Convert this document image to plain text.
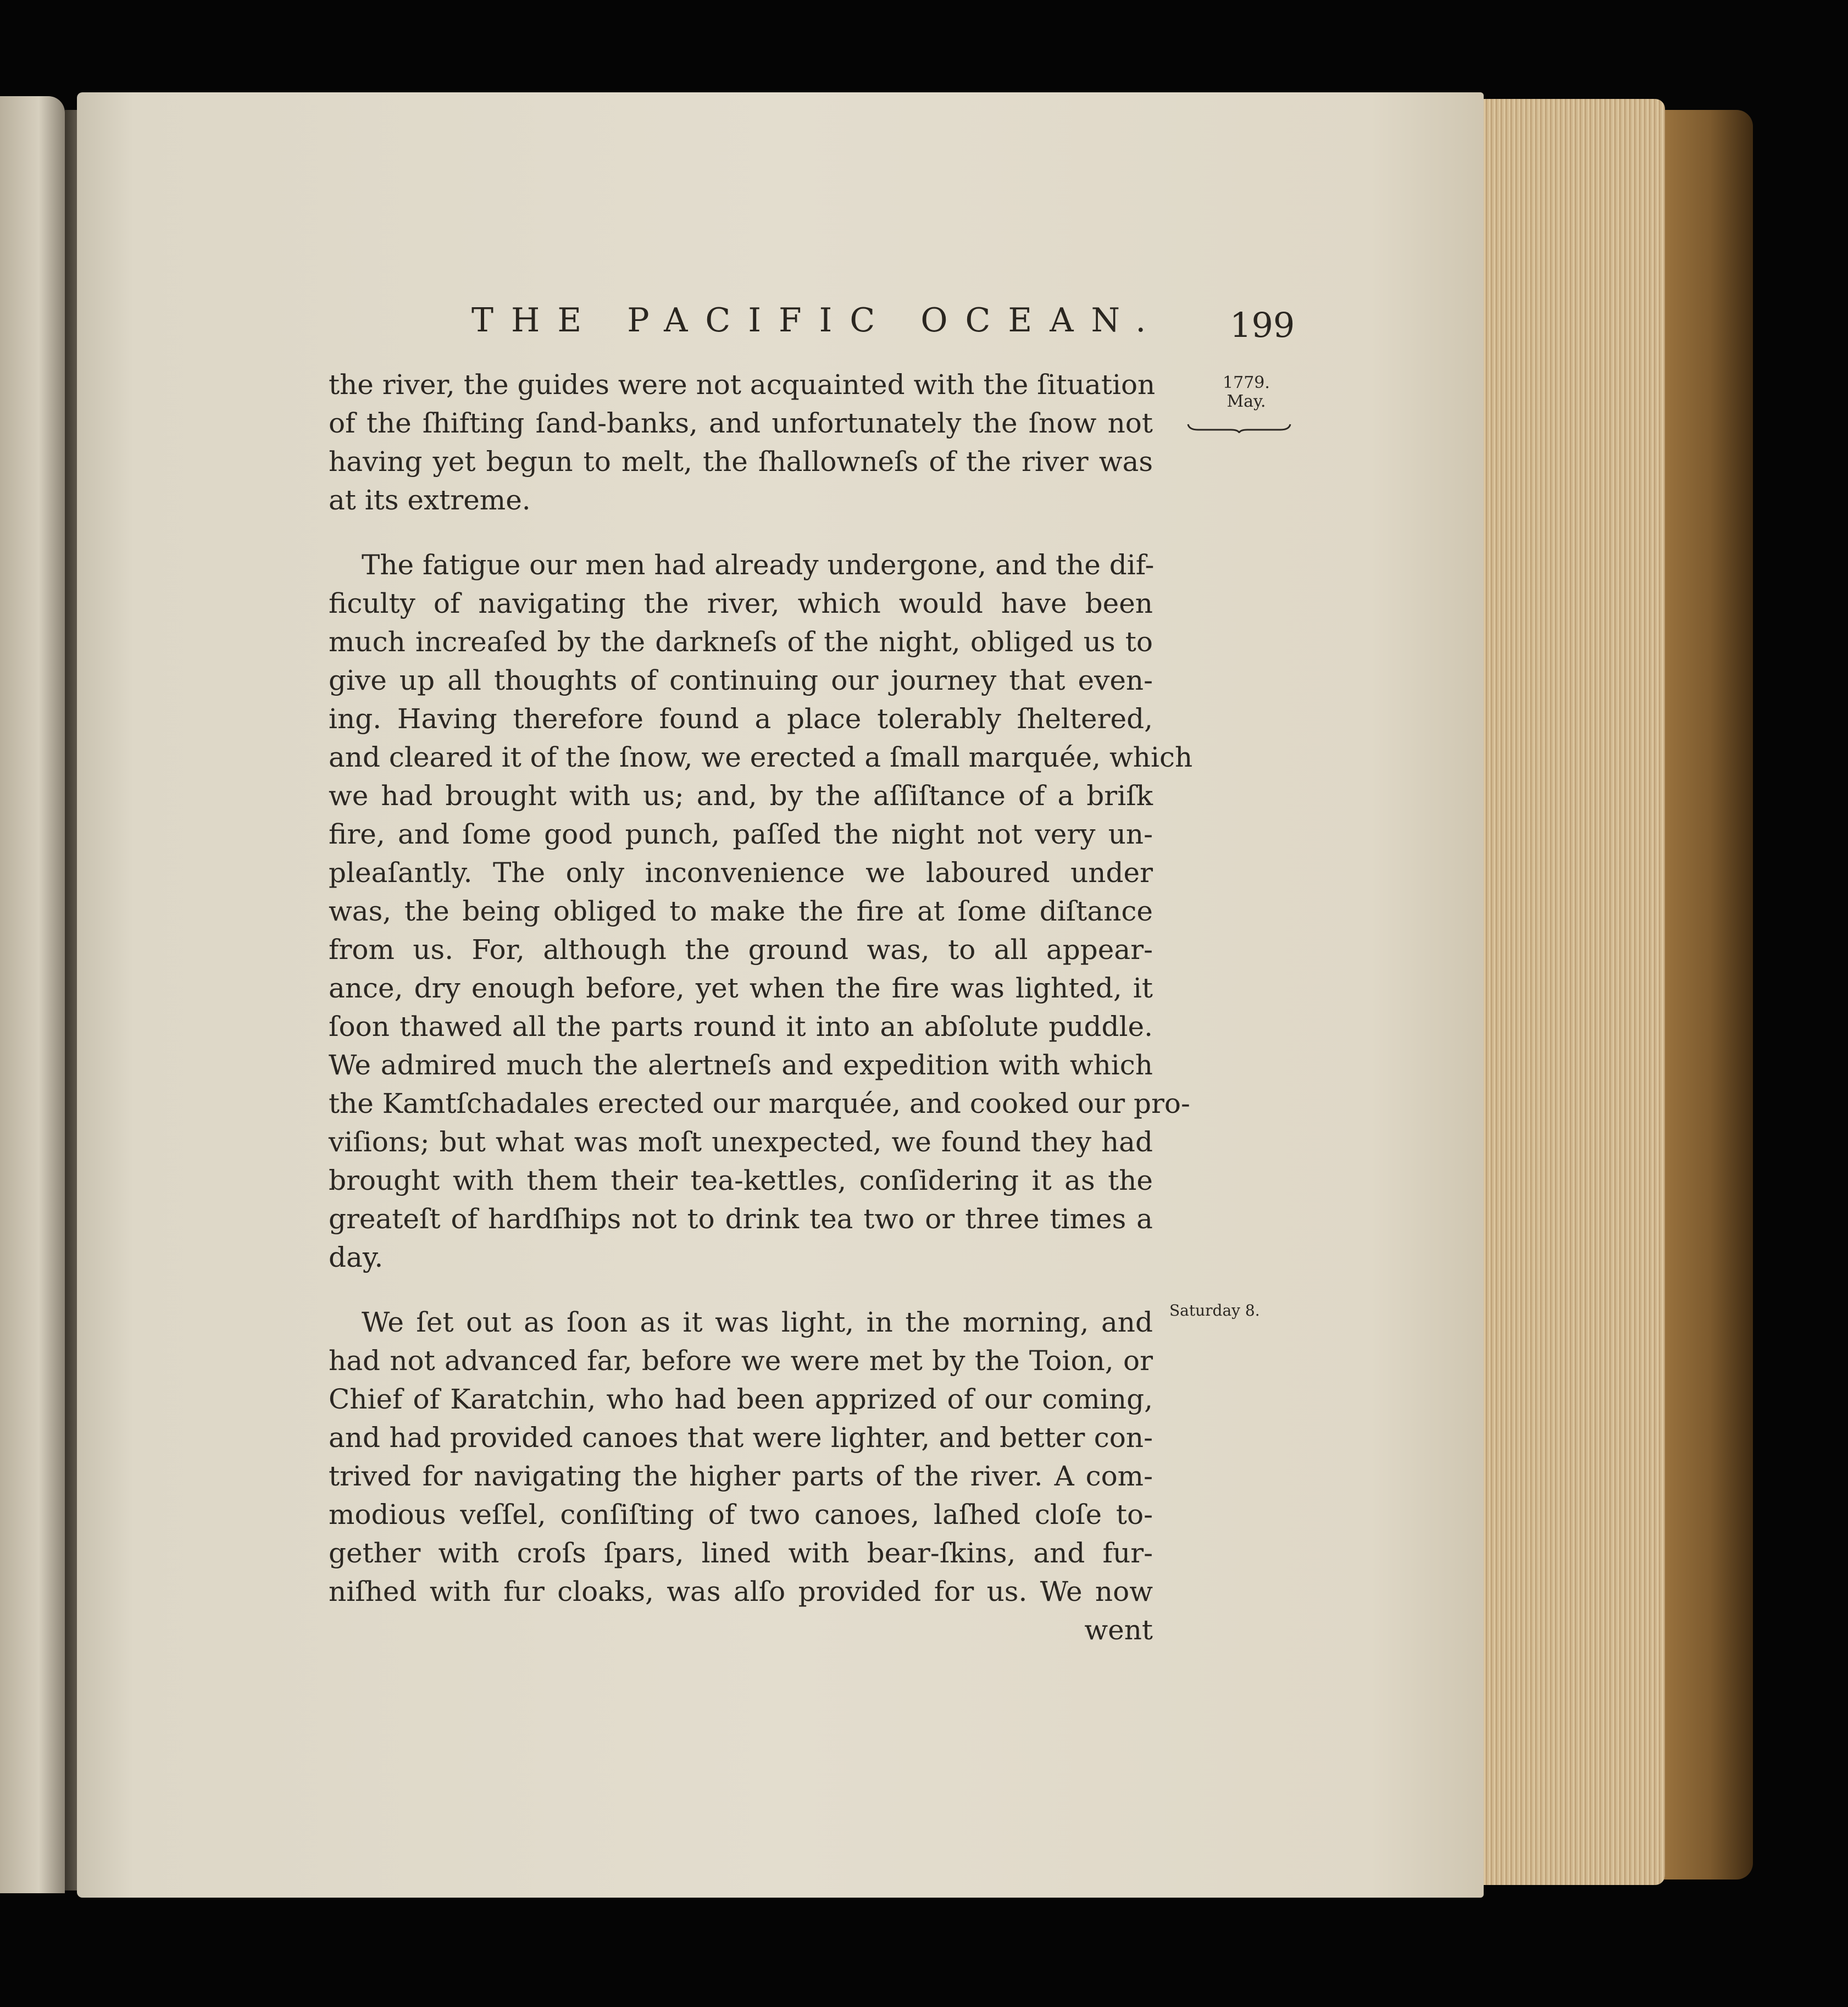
THE PACIFIC OCEAN. 199
1779.
May.
Saturday 8.
the river, the guides were not acquainted with the ſituation
of the ſhifting ſand-banks, and unfortunately the ſnow not
having yet begun to melt, the ſhallowneſs of the river was
at its extreme.
The fatigue our men had already undergone, and the dif-
ficulty of navigating the river, which would have been
much increaſed by the darkneſs of the night, obliged us to
give up all thoughts of continuing our journey that even-
ing. Having therefore found a place tolerably ſheltered,
and cleared it of the ſnow, we erected a ſmall marquée, which
we had brought with us; and, by the aſſiſtance of a briſk
fire, and ſome good punch, paſſed the night not very un-
pleaſantly. The only inconvenience we laboured under
was, the being obliged to make the fire at ſome diſtance
from us. For, although the ground was, to all appear-
ance, dry enough before, yet when the fire was lighted, it
ſoon thawed all the parts round it into an abſolute puddle.
We admired much the alertneſs and expedition with which
the Kamtſchadales erected our marquée, and cooked our pro-
viſions; but what was moſt unexpected, we found they had
brought with them their tea-kettles, conſidering it as the
greateſt of hardſhips not to drink tea two or three times a
day.
We ſet out as ſoon as it was light, in the morning, and
had not advanced far, before we were met by the Toion, or
Chief of Karatchin, who had been apprized of our coming,
and had provided canoes that were lighter, and better con-
trived for navigating the higher parts of the river. A com-
modious veſſel, conſiſting of two canoes, laſhed cloſe to-
gether with croſs ſpars, lined with bear-ſkins, and fur-
niſhed with fur cloaks, was alſo provided for us. We now
went
